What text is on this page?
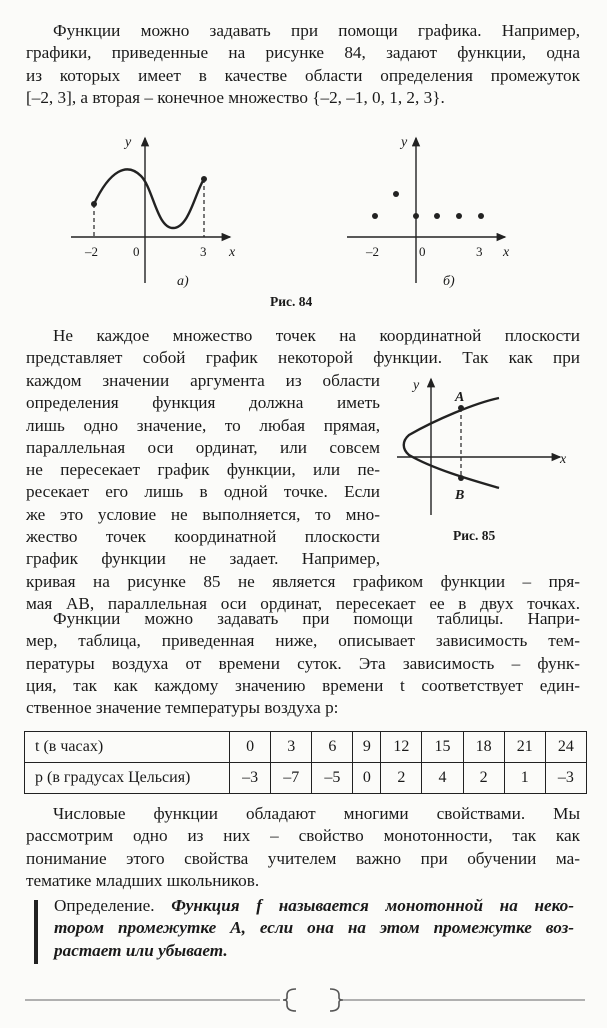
Функции можно задавать при помощи графика. Например,
графики, приведенные на рисунке 84, задают функции, одна
из которых имеет в качестве области определения промежуток
[–2, 3], а вторая – конечное множество {–2, –1, 0, 1, 2, 3}.
y
x
–2	0	3
а)
y
x
–2	0	3
б)
Рис. 84
Не каждое множество точек на координатной плоскости
представляет собой график некоторой функции. Так как при
каждом значении аргумента из области
определения функция должна иметь
лишь одно значение, то любая прямая,
параллельная оси ординат, или совсем
не пересекает график функции, или пе-
ресекает его лишь в одной точке. Если
же это условие не выполняется, то мно-
жество точек координатной плоскости
график функции не задает. Например,
y
x
A
B
Рис. 85
кривая на рисунке 85 не является графиком функции – пря-
мая AB, параллельная оси ординат, пересекает ее в двух точках.
Функции можно задавать при помощи таблицы. Напри-
мер, таблица, приведенная ниже, описывает зависимость тем-
пературы воздуха от времени суток. Эта зависимость – функ-
ция, так как каждому значению времени t соответствует един-
ственное значение температуры воздуха p:
t (в часах)	0	3	6	9	12	15	18	21	24
p (в градусах Цельсия)	–3	–7	–5	0	2	4	2	1	–3
Числовые функции обладают многими свойствами. Мы
рассмотрим одно из них – свойство монотонности, так как
понимание этого свойства учителем важно при обучении ма-
тематике младших школьников.
Определение. Функция f называется монотонной на неко-
тором промежутке A, если она на этом промежутке воз-
растает или убывает.
